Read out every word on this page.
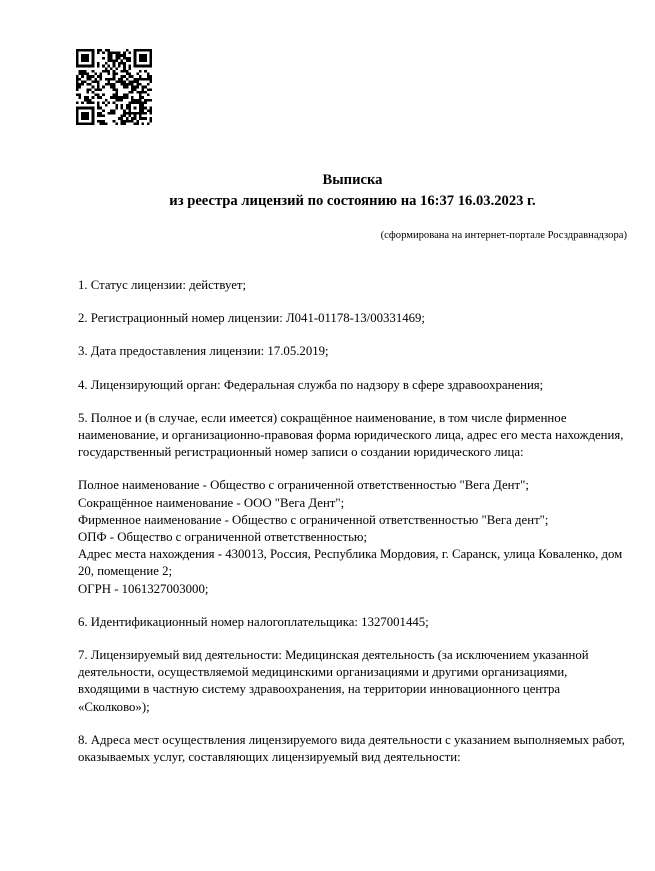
Выписка
из реестра лицензий по состоянию на 16:37 16.03.2023 г.
(сформирована на интернет-портале Росздравнадзора)

1. Статус лицензии: действует;

2. Регистрационный номер лицензии: Л041-01178-13/00331469;

3. Дата предоставления лицензии: 17.05.2019;

4. Лицензирующий орган: Федеральная служба по надзору в сфере здравоохранения;

5. Полное и (в случае, если имеется) сокращённое наименование, в том числе фирменное наименование, и организационно-правовая форма юридического лица, адрес его места нахождения, государственный регистрационный номер записи о создании юридического лица:

Полное наименование - Общество с ограниченной ответственностью "Вега Дент";
Сокращённое наименование - ООО "Вега Дент";
Фирменное наименование - Общество с ограниченной ответственностью "Вега дент";
ОПФ - Общество с ограниченной ответственностью;
Адрес места нахождения - 430013, Россия, Республика Мордовия, г. Саранск, улица Коваленко, дом 20, помещение 2;
ОГРН - 1061327003000;

6. Идентификационный номер налогоплательщика: 1327001445;

7. Лицензируемый вид деятельности: Медицинская деятельность (за исключением указанной деятельности, осуществляемой медицинскими организациями и другими организациями, входящими в частную систему здравоохранения, на территории инновационного центра «Сколково»);

8. Адреса мест осуществления лицензируемого вида деятельности с указанием выполняемых работ, оказываемых услуг, составляющих лицензируемый вид деятельности:
